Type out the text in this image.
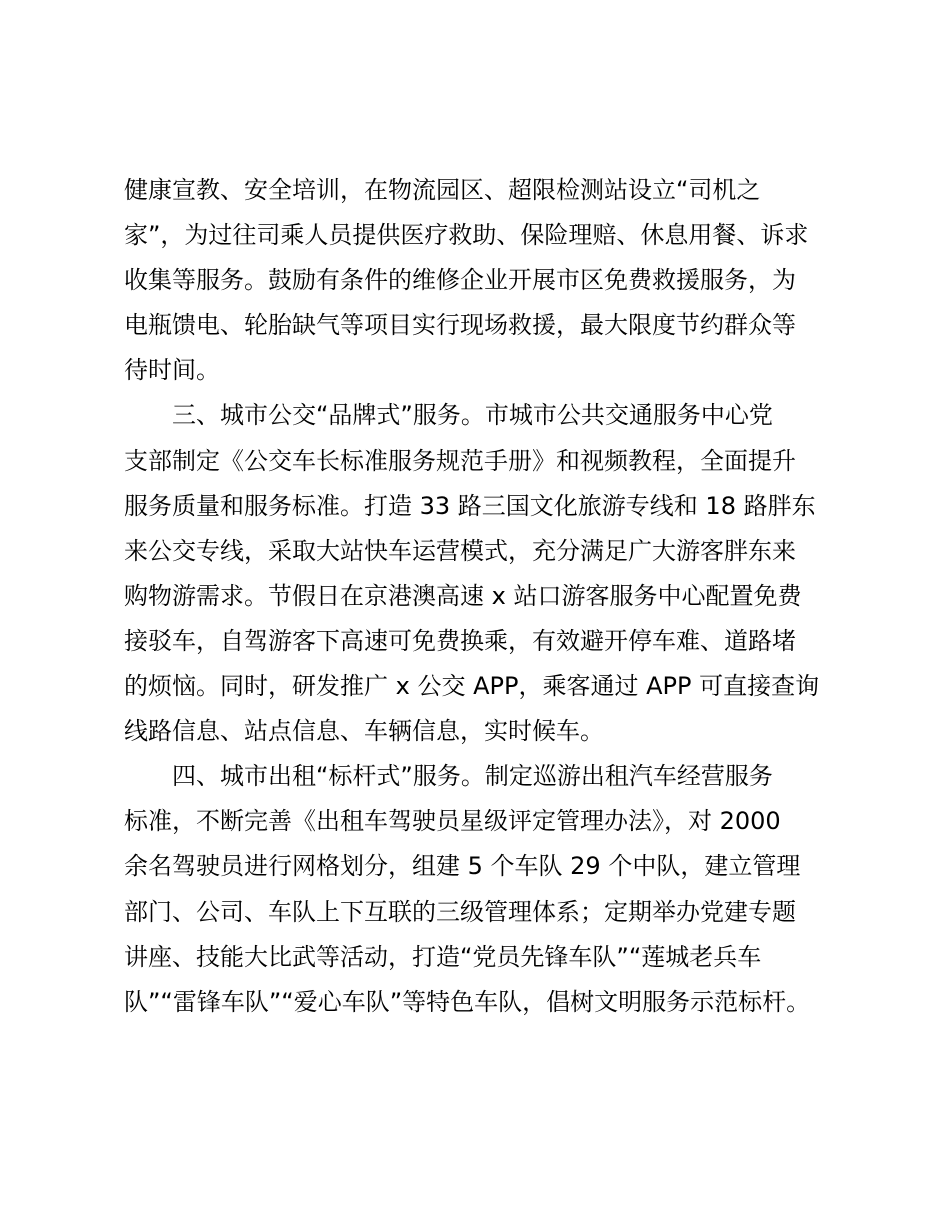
健康宣教、安全培训，在物流园区、超限检测站设立“司机之
家”，为过往司乘人员提供医疗救助、保险理赔、休息用餐、诉求
收集等服务。鼓励有条件的维修企业开展市区免费救援服务，为
电瓶馈电、轮胎缺气等项目实行现场救援，最大限度节约群众等
待时间。
三、城市公交“品牌式”服务。市城市公共交通服务中心党
支部制定《公交车长标准服务规范手册》和视频教程，全面提升
服务质量和服务标准。打造 33 路三国文化旅游专线和 18 路胖东
来公交专线，采取大站快车运营模式，充分满足广大游客胖东来
购物游需求。节假日在京港澳高速 x 站口游客服务中心配置免费
接驳车，自驾游客下高速可免费换乘，有效避开停车难、道路堵
的烦恼。同时，研发推广 x 公交 APP，乘客通过 APP 可直接查询
线路信息、站点信息、车辆信息，实时候车。
四、城市出租“标杆式”服务。制定巡游出租汽车经营服务
标准，不断完善《出租车驾驶员星级评定管理办法》，对 2000
余名驾驶员进行网格划分，组建 5 个车队 29 个中队，建立管理
部门、公司、车队上下互联的三级管理体系；定期举办党建专题
讲座、技能大比武等活动，打造“党员先锋车队”“莲城老兵车
队”“雷锋车队”“爱心车队”等特色车队，倡树文明服务示范标杆。
